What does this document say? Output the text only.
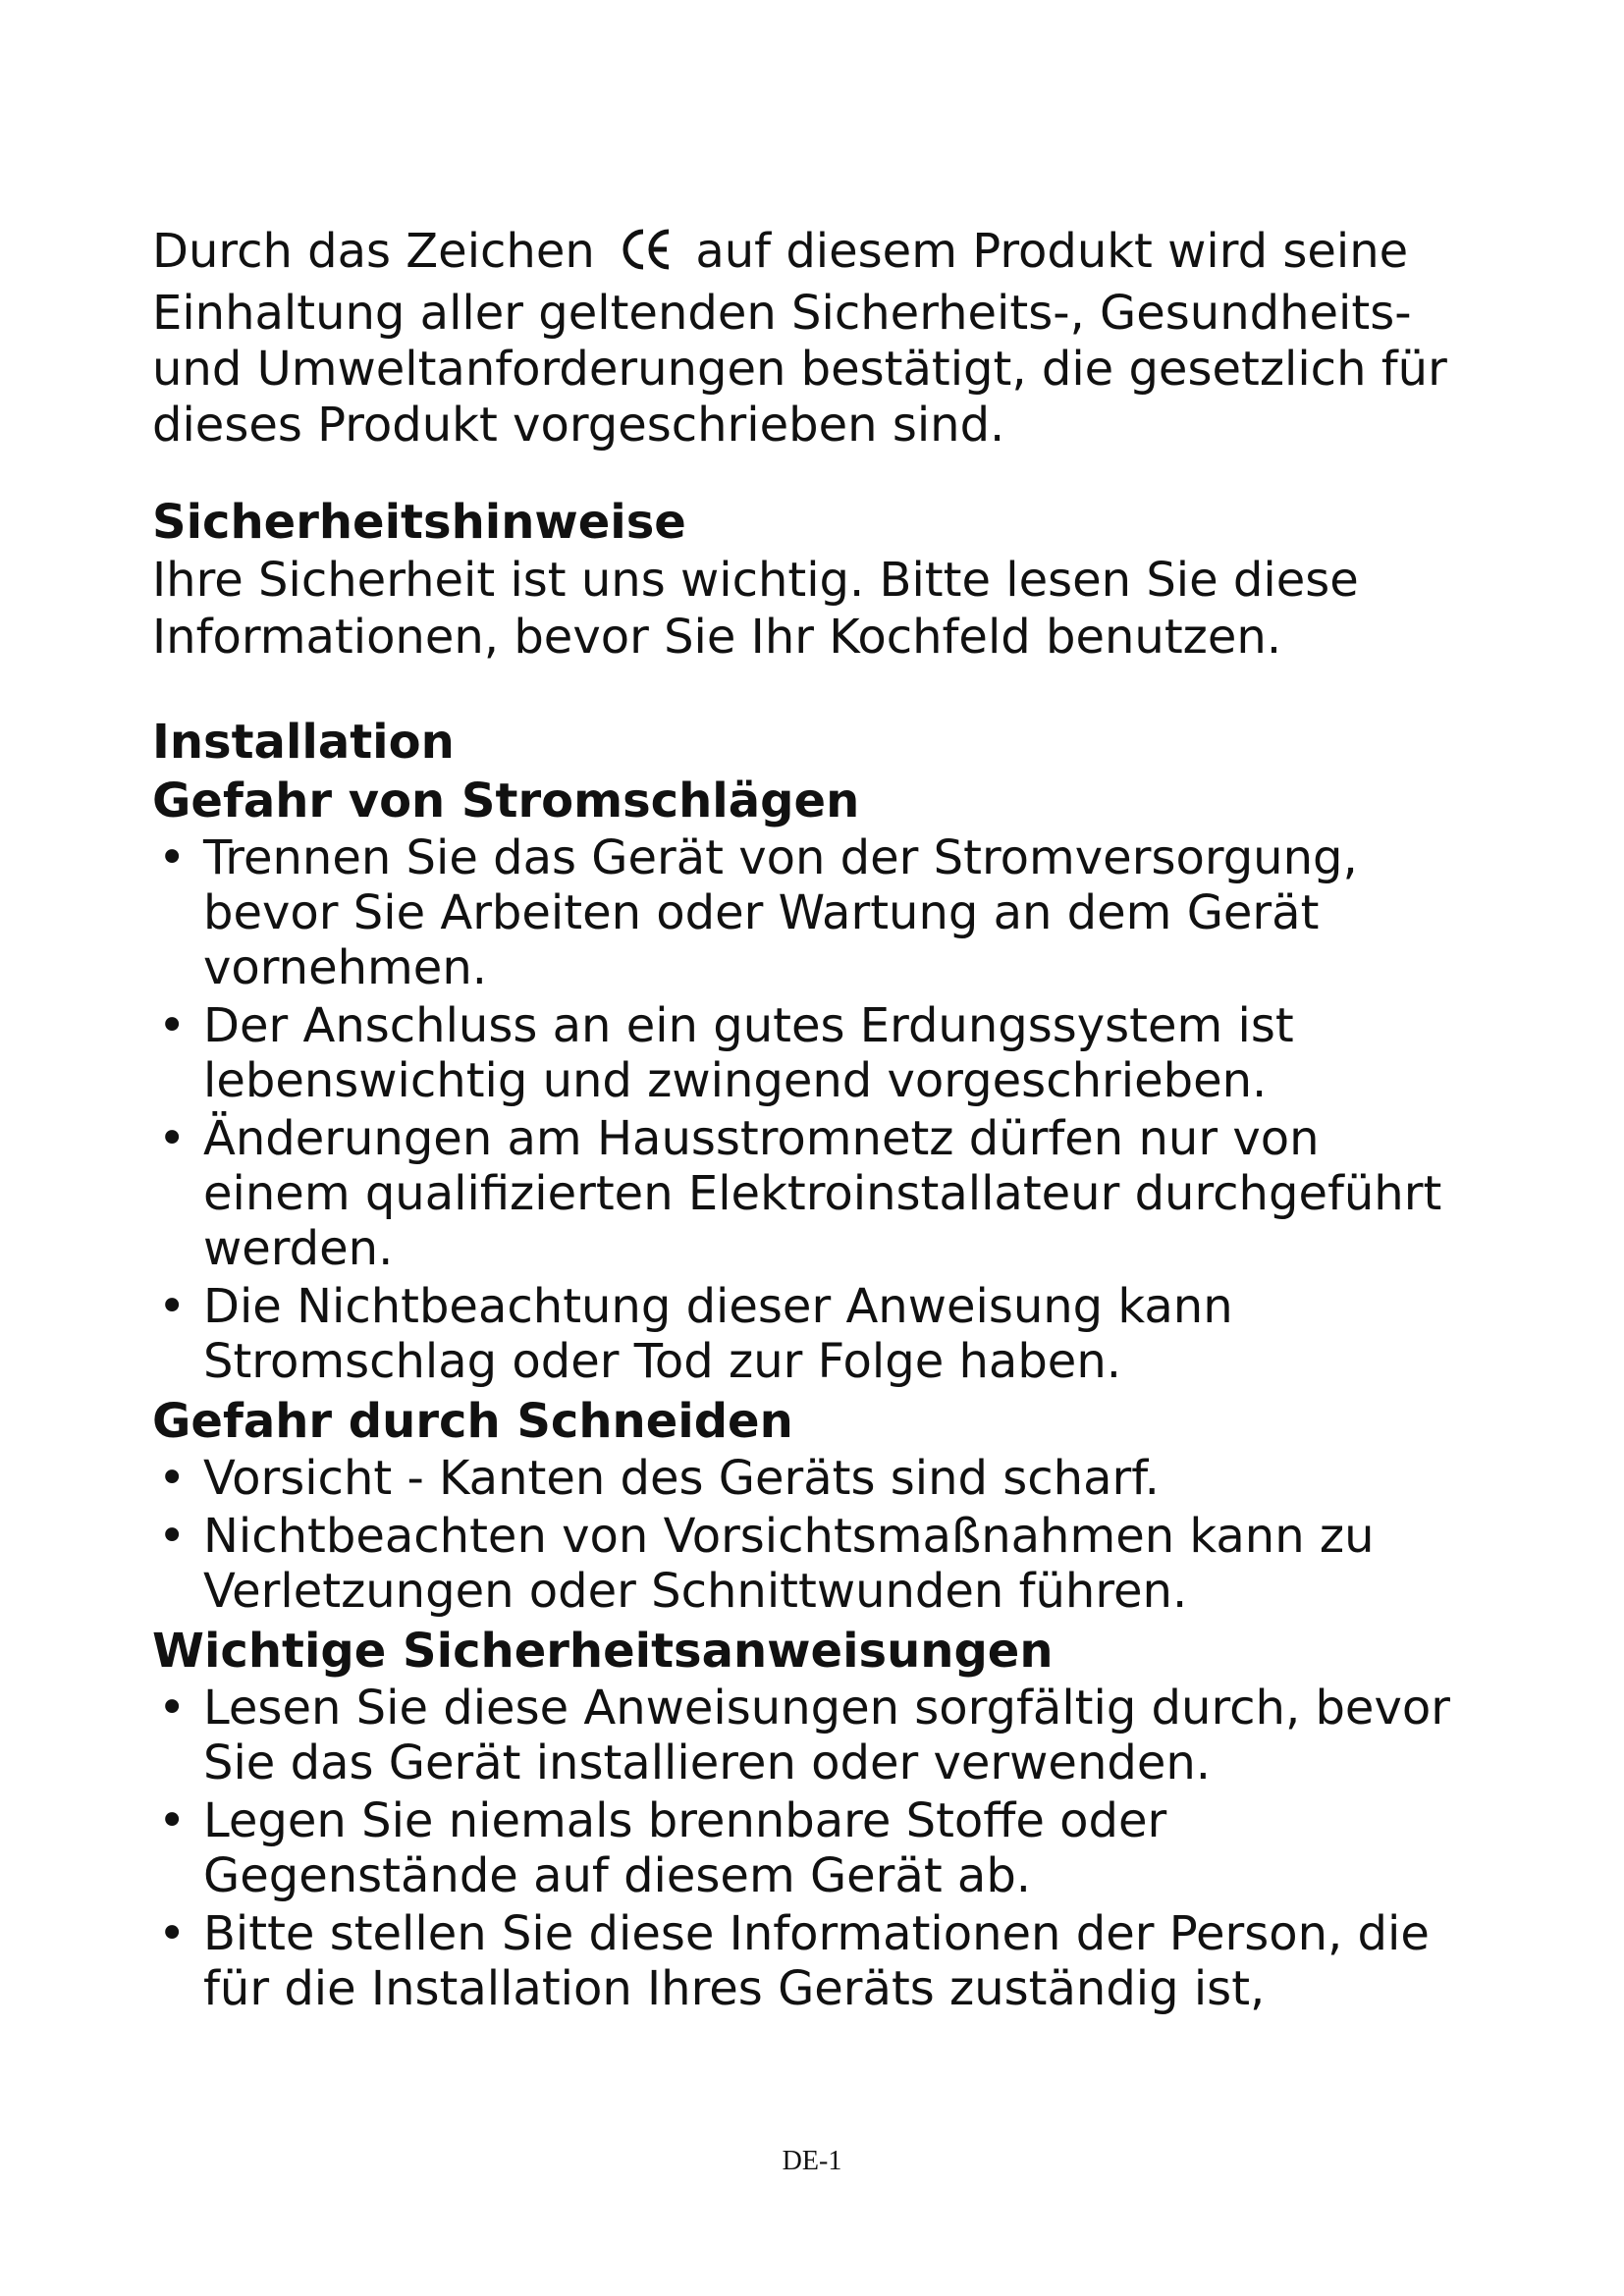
Durch das Zeichen auf diesem Produkt wird seine Einhaltung aller geltenden Sicherheits-, Gesundheits- und Umweltanforderungen bestätigt, die gesetzlich für dieses Produkt vorgeschrieben sind.

Sicherheitshinweise

Ihre Sicherheit ist uns wichtig. Bitte lesen Sie diese Informationen, bevor Sie Ihr Kochfeld benutzen.

Installation
Gefahr von Stromschlägen
• Trennen Sie das Gerät von der Stromversorgung, bevor Sie Arbeiten oder Wartung an dem Gerät vornehmen.
• Der Anschluss an ein gutes Erdungssystem ist lebenswichtig und zwingend vorgeschrieben.
• Änderungen am Hausstromnetz dürfen nur von einem qualifizierten Elektroinstallateur durchgeführt werden.
• Die Nichtbeachtung dieser Anweisung kann Stromschlag oder Tod zur Folge haben.
Gefahr durch Schneiden
• Vorsicht - Kanten des Geräts sind scharf.
• Nichtbeachten von Vorsichtsmaßnahmen kann zu Verletzungen oder Schnittwunden führen.
Wichtige Sicherheitsanweisungen
• Lesen Sie diese Anweisungen sorgfältig durch, bevor Sie das Gerät installieren oder verwenden.
• Legen Sie niemals brennbare Stoffe oder Gegenstände auf diesem Gerät ab.
• Bitte stellen Sie diese Informationen der Person, die für die Installation Ihres Geräts zuständig ist,
DE-1
